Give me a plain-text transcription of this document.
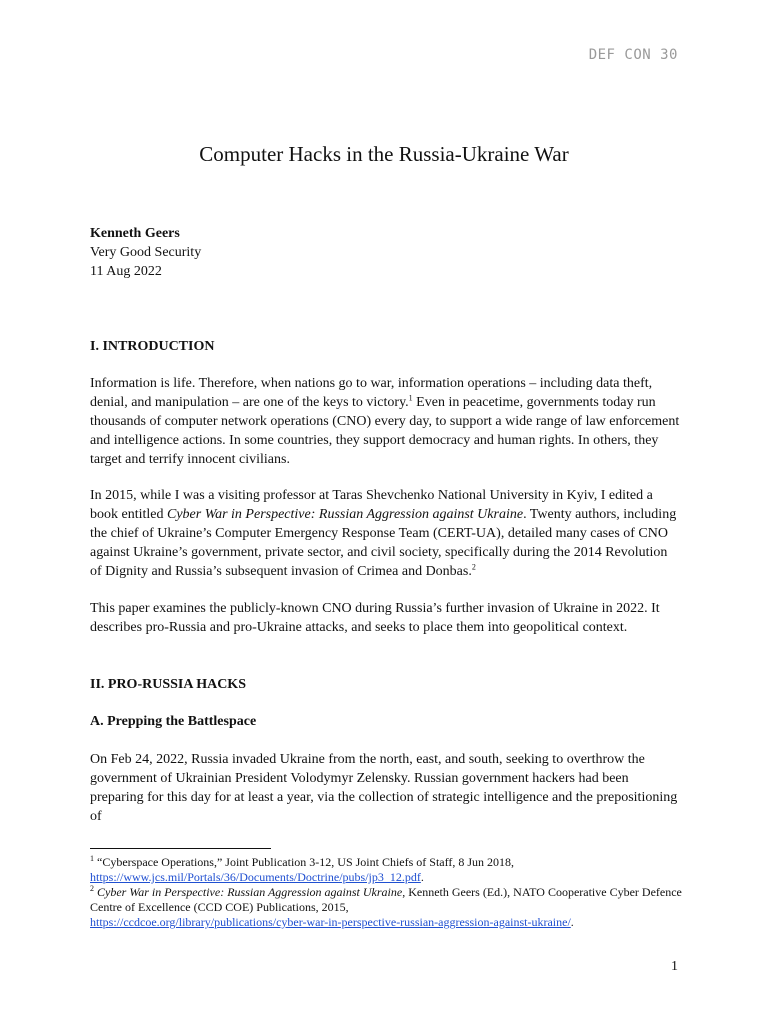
DEF CON 30
Computer Hacks in the Russia-Ukraine War
Kenneth Geers
Very Good Security
11 Aug 2022
I. INTRODUCTION

Information is life. Therefore, when nations go to war, information operations – including data theft, denial, and manipulation – are one of the keys to victory.$^1$ Even in peacetime, governments today run thousands of computer network operations (CNO) every day, to support a wide range of law enforcement and intelligence actions. In some countries, they support democracy and human rights. In others, they target and terrify innocent civilians.

In 2015, while I was a visiting professor at Taras Shevchenko National University in Kyiv, I edited a book entitled Cyber War in Perspective: Russian Aggression against Ukraine. Twenty authors, including the chief of Ukraine’s Computer Emergency Response Team (CERT-UA), detailed many cases of CNO against Ukraine’s government, private sector, and civil society, specifically during the 2014 Revolution of Dignity and Russia’s subsequent invasion of Crimea and Donbas.$^2$

This paper examines the publicly-known CNO during Russia’s further invasion of Ukraine in 2022. It describes pro-Russia and pro-Ukraine attacks, and seeks to place them into geopolitical context.

II. PRO-RUSSIA HACKS
A. Prepping the Battlespace

On Feb 24, 2022, Russia invaded Ukraine from the north, east, and south, seeking to overthrow the government of Ukrainian President Volodymyr Zelensky. Russian government hackers had been preparing for this day for at least a year, via the collection of strategic intelligence and the prepositioning of

$^1$ “Cyberspace Operations,” Joint Publication 3-12, US Joint Chiefs of Staff, 8 Jun 2018,
https://www.jcs.mil/Portals/36/Documents/Doctrine/pubs/jp3_12.pdf.
$^2$ Cyber War in Perspective: Russian Aggression against Ukraine, Kenneth Geers (Ed.), NATO Cooperative Cyber Defence Centre of Excellence (CCD COE) Publications, 2015,
https://ccdcoe.org/library/publications/cyber-war-in-perspective-russian-aggression-against-ukraine/.
1
